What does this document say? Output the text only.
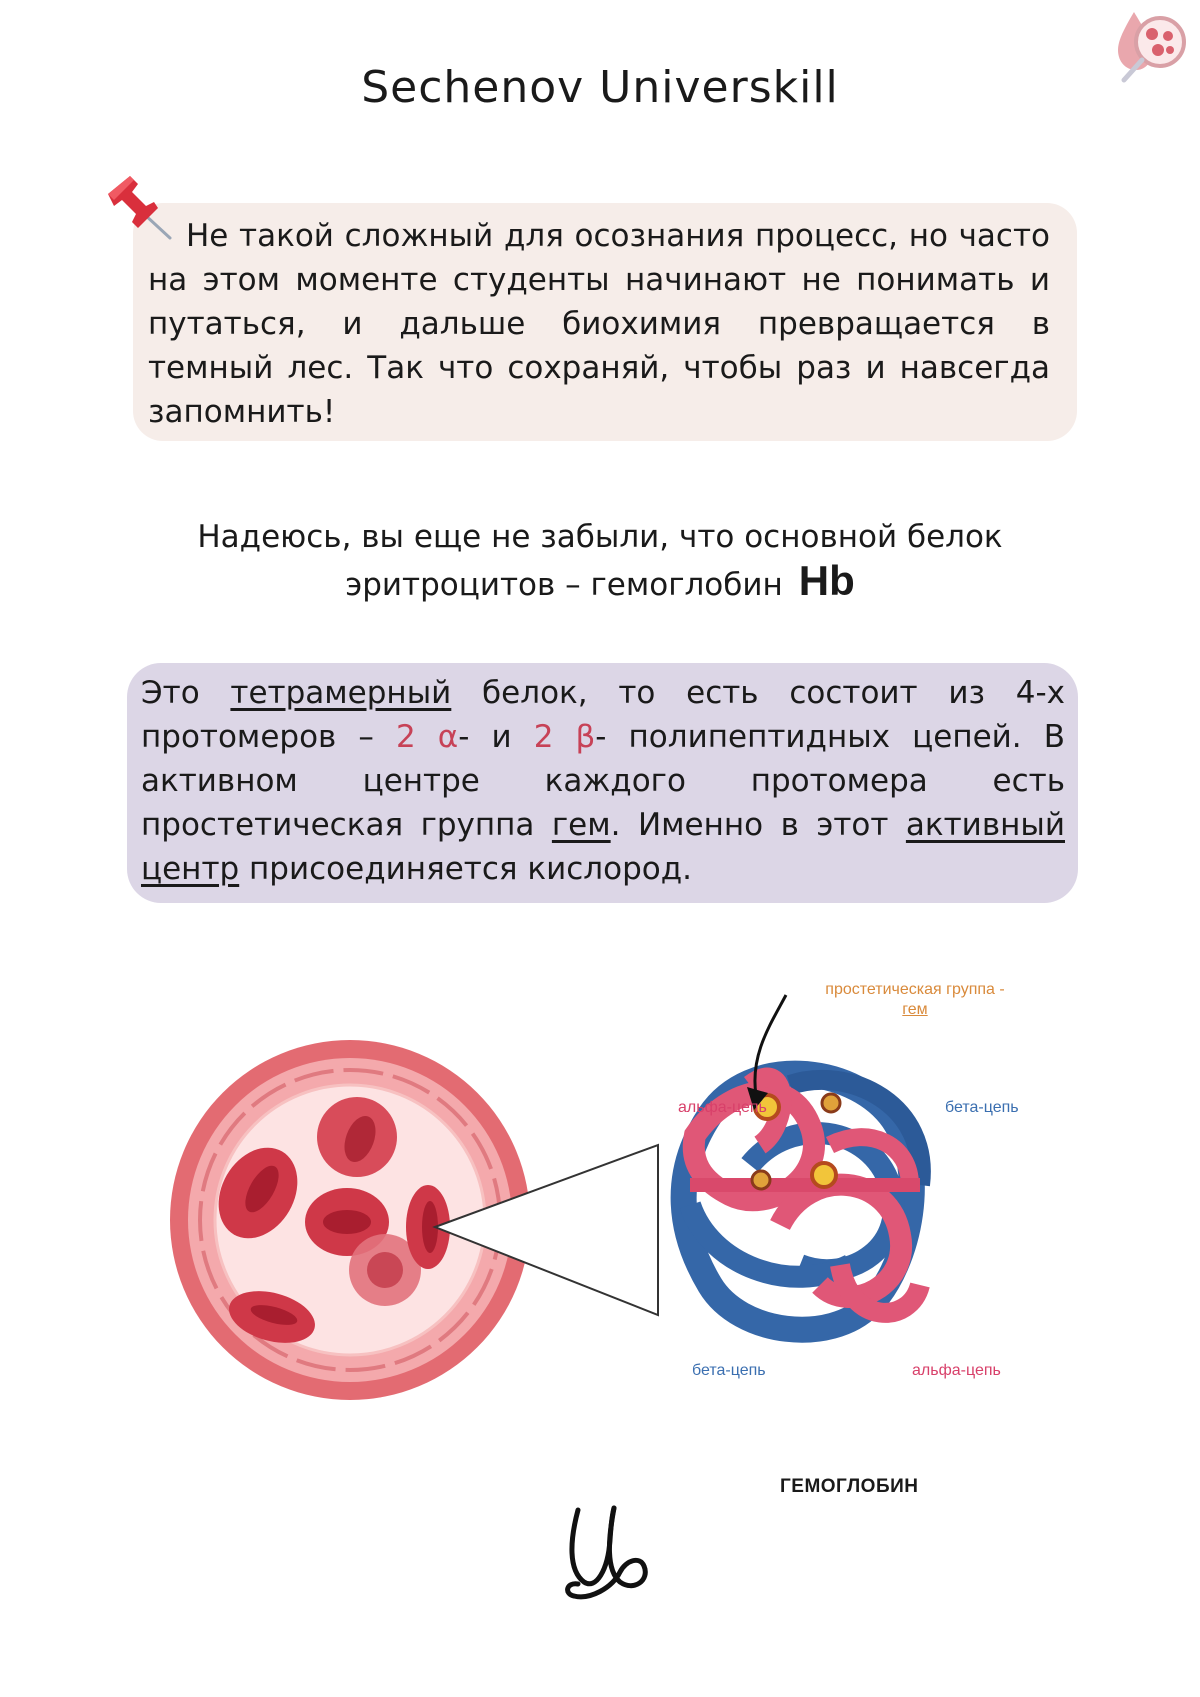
Sechenov Universkill
Не такой сложный для осознания процесс, но часто на этом моменте студенты начинают не понимать и путаться, и дальше биохимия превращается в темный лес. Так что сохраняй, чтобы раз и навсегда запомнить!
Надеюсь, вы еще не забыли, что основной белок эритроцитов – гемоглобин Hb
Это тетрамерный белок, то есть состоит из 4-х протомеров – 2 α- и 2 β- полипептидных цепей. В активном центре каждого протомера есть простетическая группа гем. Именно в этот активный центр присоединяется кислород.
простетическая группа -
гем
альфа-цепь	бета-цепь
бета-цепь	альфа-цепь
ГЕМОГЛОБИН
